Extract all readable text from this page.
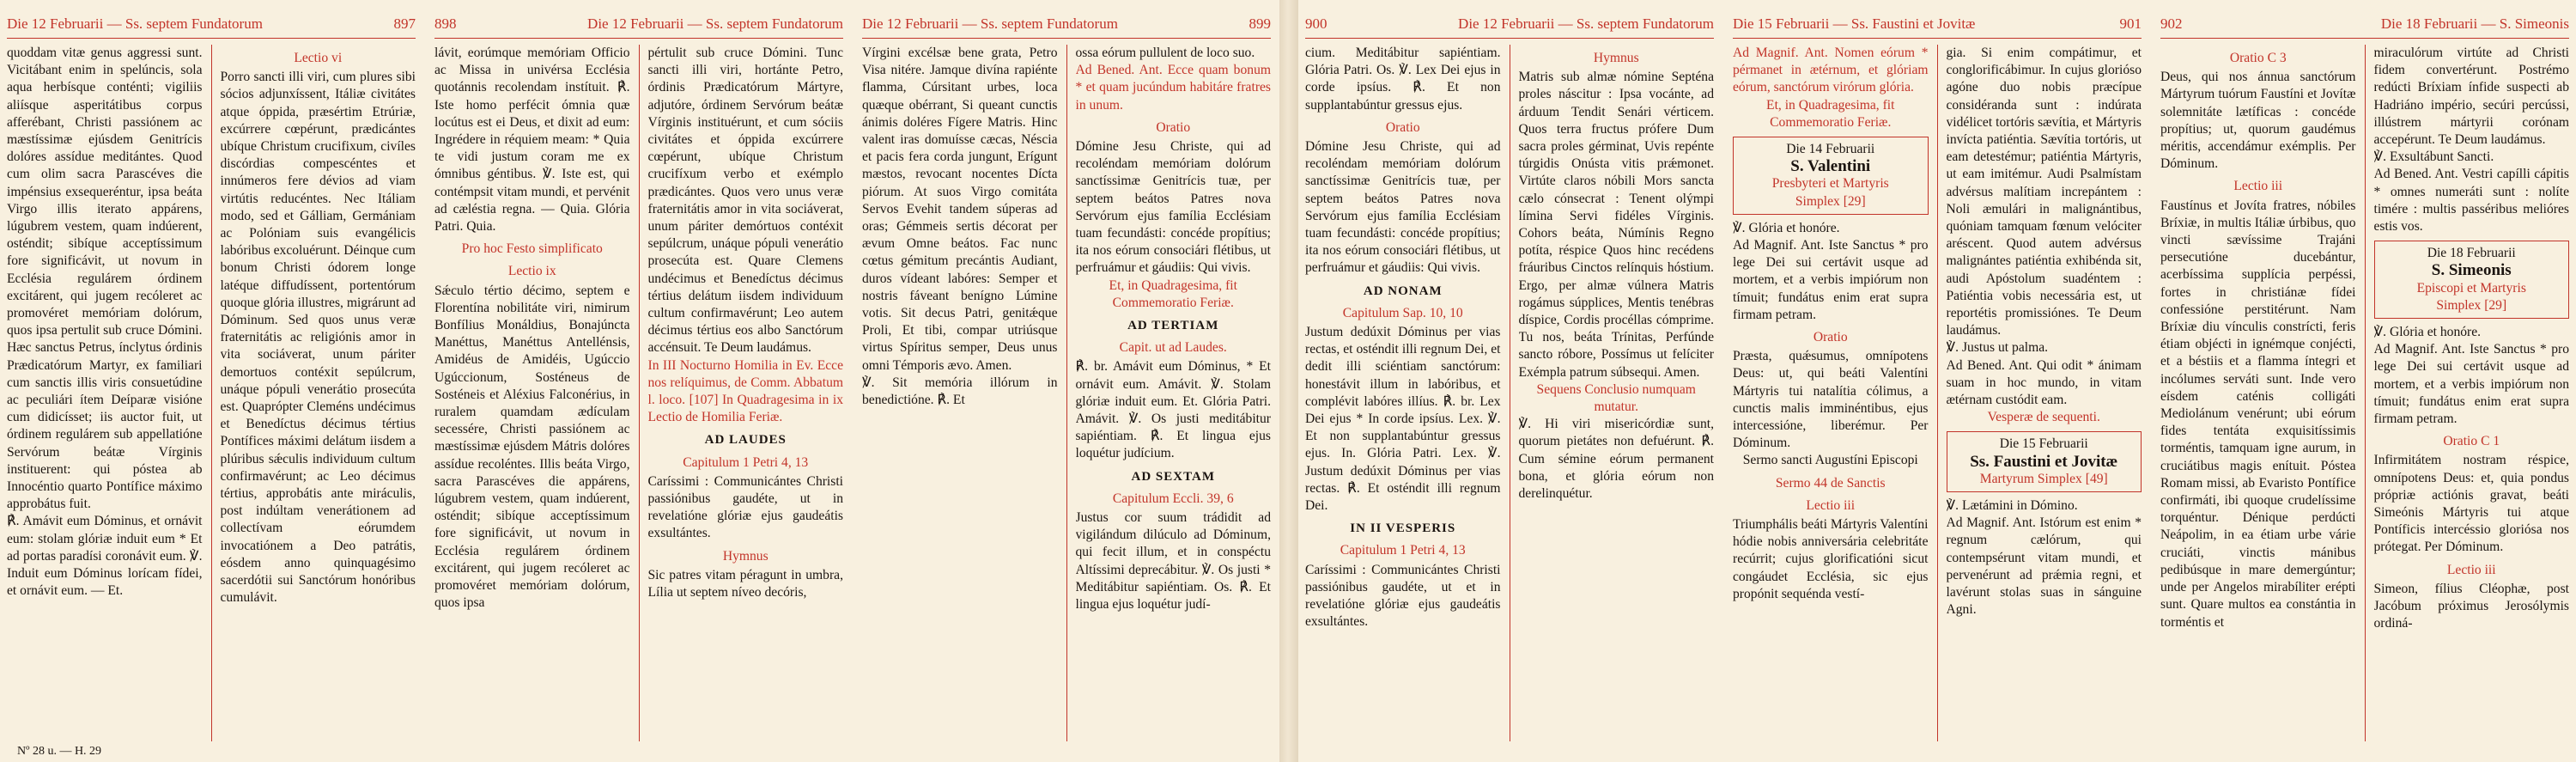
Die 12 Februarii — Ss. septem Fundatorum	897

quoddam vitæ genus aggressi sunt. Vicitábant enim in spelúncis, sola aqua herbísque conténti; vigiliis aliísque asperitátibus corpus afferébant, Christi passiónem ac mæstíssimæ ejúsdem Genitrícis dolóres assídue meditántes. Quod cum olim sacra Parascéves die impénsius exsequeréntur, ipsa beáta Virgo illis iterato appárens, lúgubrem vestem, quam indúerent, osténdit; sibíque acceptíssimum fore significávit, ut novum in Ecclésia regulárem órdinem excitárent, qui jugem recóleret ac promovéret memóriam dolórum, quos ipsa pertulit sub cruce Dómini. Hæc sanctus Petrus, ínclytus órdinis Prædicatórum Martyr, ex familiari cum sanctis illis viris consuetúdine ac peculiári ítem Deíparæ visióne cum didicísset; iis auctor fuit, ut órdinem regulárem sub appellatióne Servórum beátæ Vírginis instituerent: qui póstea ab Innocéntio quarto Pontífice máximo approbátus fuit.

℟. Amávit eum Dóminus, et ornávit eum: stolam glóriæ induit eum * Et ad portas paradísi coronávit eum. ℣. Induit eum Dóminus lorícam fídei, et ornávit eum. — Et.

Lectio vi

Porro sancti illi viri, cum plures sibi sócios adjunxíssent, Itáliæ civitátes atque óppida, præsértim Etrúriæ, excúrrere cœpérunt, prædicántes ubíque Christum crucifixum, civíles discórdias compescéntes et innúmeros fere dévios ad viam virtútis reducéntes. Nec Itáliam modo, sed et Gálliam, Germániam ac Polóniam suis evangélicis labóribus excoluérunt. Déinque cum bonum Christi ódorem longe latéque diffudíssent, portentórum quoque glória illustres, migrárunt ad Dóminum. Sed quos unus veræ fraternitátis ac religiónis amor in vita sociáverat, unum páriter demortuos contéxit sepúlcrum, unáque pópuli venerátio prosecúta est. Quaprópter Cleméns undécimus et Benedíctus décimus tértius Pontífices máximi delátum iisdem a plúribus sǽculis individuum cultum confirmavérunt; ac Leo décimus tértius, approbátis ante miráculis, post indúltam venerátionem ad collectívam eórumdem invocatiónem a Deo patrátis, eósdem anno quinquagésimo sacerdótii sui Sanctórum honóribus cumulávit.

Nº 28 u. — H. 29
898	Die 12 Februarii — Ss. septem Fundatorum

lávit, eorúmque memóriam Officio ac Missa in univérsa Ecclésia quotánnis recolendam instítuit. ℟. Iste homo perfécit ómnia quæ locútus est ei Deus, et dixit ad eum: Ingrédere in réquiem meam: * Quia te vidi justum coram me ex ómnibus géntibus. ℣. Iste est, qui contémpsit vitam mundi, et pervénit ad cæléstia regna. — Quia. Glória Patri. Quia.

Pro hoc Festo simplificato
Lectio ix

Sǽculo tértio décimo, septem e Florentína nobilitáte viri, nimirum Bonfílius Monáldius, Bonajúncta Manéttus, Manéttus Antellénsis, Amidéus de Amidéis, Ugúccio Ugúccionum, Sosténeus de Sosténeis et Aléxius Falconérius, in ruralem quamdam ædículam secessére, Christi passiónem ac mæstíssimæ ejúsdem Mátris dolóres assídue recoléntes. Illis beáta Virgo, sacra Parascéves die appárens, lúgubrem vestem, quam indúerent, osténdit; sibíque acceptíssimum fore significávit, ut novum in Ecclésia regulárem órdinem excitárent, qui jugem recóleret ac promovéret memóriam dolórum, quos ipsa

pértulit sub cruce Dómini. Tunc sancti illi viri, hortánte Petro, órdinis Prædicatórum Mártyre, adjutóre, órdinem Servórum beátæ Vírginis instituérunt, et cum sóciis civitátes et óppida excúrrere cœpérunt, ubíque Christum crucifíxum verbo et exémplo prædicántes. Quos vero unus veræ fraternitátis amor in vita sociáverat, unum páriter demórtuos contéxit sepúlcrum, unáque pópuli venerátio prosecúta est. Quare Clemens undécimus et Benedíctus décimus tértius delátum iisdem individuum cultum confirmavérunt; Leo autem décimus tértius eos albo Sanctórum accénsuit. Te Deum laudámus.

In III Nocturno Homilia in Ev. Ecce nos relíquimus, de Comm. Abbatum l. loco. [107] In Quadragesima in ix Lectio de Homilia Feriæ.

AD LAUDES
Capitulum 1 Petri 4, 13

Caríssimi : Communicántes Christi passiónibus gaudéte, ut in revelatióne glóriæ ejus gaudeátis exsultántes.

Hymnus

Sic patres vitam péragunt in umbra, Lília ut septem níveo decóris,

Die 12 Februarii — Ss. septem Fundatorum	899

Vírgini excélsæ bene grata, Petro Visa nitére. Jamque divína rapiénte flamma, Cúrsitant urbes, loca quæque obérrant, Si queant cunctis ánimis doléres Fígere Matris. Hinc valent iras domuísse cæcas, Néscia et pacis fera corda jungunt, Erígunt mæstos, revocant nocentes Dícta piórum. At suos Virgo comitáta Servos Evehit tandem súperas ad oras; Gémmeis sertis décorat per ævum Omne beátos. Fac nunc cœtus gémitum precántis Audiant, duros vídeant labóres: Semper et nostris fáveant benígno Lúmine votis. Sit decus Patri, genitǽque Proli, Et tibi, compar utriúsque virtus Spíritus semper, Deus unus omni Témporis ævo. Amen.

℣. Sit memória illórum in benedictióne. ℟. Et

ossa eórum pullulent de loco suo.

Ad Bened. Ant. Ecce quam bonum * et quam jucúndum habitáre fratres in unum.

Oratio

Dómine Jesu Christe, qui ad recoléndam memóriam dolórum sanctíssimæ Genitrícis tuæ, per septem beátos Patres nova Servórum ejus família Ecclésiam tuam fecundásti: concéde propítius; ita nos eórum consociári flétibus, ut perfruámur et gáudiis: Qui vivis.

Et, in Quadragesima, fit Commemoratio Feriæ.

AD TERTIAM
Capit. ut ad Laudes.

℟. br. Amávit eum Dóminus, * Et ornávit eum. Amávit. ℣. Stolam glóriæ induit eum. Et. Glória Patri. Amávit. ℣. Os justi meditábitur sapiéntiam. ℟. Et lingua ejus loquétur judícium.

AD SEXTAM
Capitulum Eccli. 39, 6

Justus cor suum trádidit ad vigilándum dilúculo ad Dóminum, qui fecit illum, et in conspéctu Altíssimi deprecábitur. ℣. Os justi * Meditábitur sapiéntiam. Os. ℟. Et lingua ejus loquétur judí-

900	Die 12 Februarii — Ss. septem Fundatorum

cium. Meditábitur sapiéntiam. Glória Patri. Os. ℣. Lex Dei ejus in corde ipsíus. ℟. Et non supplantabúntur gressus ejus.

Oratio

Dómine Jesu Christe, qui ad recoléndam memóriam dolórum sanctíssimæ Genitrícis tuæ, per septem beátos Patres nova Servórum ejus família Ecclésiam tuam fecundásti: concéde propítius; ita nos eórum consociári flétibus, ut perfruámur et gáudiis: Qui vivis.

AD NONAM
Capitulum Sap. 10, 10

Justum dedúxit Dóminus per vias rectas, et osténdit illi regnum Dei, et dedit illi sciéntiam sanctórum: honestávit illum in labóribus, et complévit labóres illíus. ℟. br. Lex Dei ejus * In corde ipsíus. Lex. ℣. Et non supplantabúntur gressus ejus. In. Glória Patri. Lex. ℣. Justum dedúxit Dóminus per vias rectas. ℟. Et osténdit illi regnum Dei.

IN II VESPERIS
Capitulum 1 Petri 4, 13

Caríssimi : Communicántes Christi passiónibus gaudéte, ut et in revelatióne glóriæ ejus gaudeátis exsultántes.

Hymnus

Matris sub almæ nómine Septéna proles náscitur : Ipsa vocánte, ad árduum Tendit Senári vérticem. Quos terra fructus prófere Dum sacra proles gérminat, Uvis repénte túrgidis Onústa vitis prǽmonet. Virtúte claros nóbili Mors sancta cælo cónsecrat : Tenent olýmpi límina Servi fidéles Vírginis. Cohors beáta, Númínis Regno potíta, réspice Quos hinc recédens fráuribus Cinctos relínquis hóstium. Ergo, per almæ vúlnera Matris rogámus súpplices, Mentis tenébras díspice, Cordis procéllas cómprime. Tu nos, beáta Trínitas, Perfúnde sancto róbore, Possímus ut felíciter Exémpla patrum súbsequi. Amen.

Sequens Conclusio numquam mutatur.

℣. Hi viri misericórdiæ sunt, quorum pietátes non defuérunt. ℟. Cum sémine eórum permanent bona, et glória eórum non derelinquétur.

Die 15 Februarii — Ss. Faustini et Jovitæ	901

Ad Magnif. Ant. Nomen eórum * pérmanet in ætérnum, et glóriam eórum, sanctórum virórum glória.

Et, in Quadragesima, fit Commemoratio Feriæ.

Die 14 Februarii
S. Valentini
Presbyteri et Martyris
Simplex [29]

℣. Glória et honóre.

Ad Magnif. Ant. Iste Sanctus * pro lege Dei sui certávit usque ad mortem, et a verbis impiórum non tímuit; fundátus enim erat supra firmam petram.

Oratio

Præsta, quǽsumus, omnípotens Deus: ut, qui beáti Valentíni Mártyris tui natalítia cólimus, a cunctis malis imminéntibus, ejus intercessióne, liberémur. Per Dóminum.

Sermo sancti Augustíni Episcopi
Sermo 44 de Sanctis
Lectio iii

Triumphális beáti Mártyris Valentíni hódie nobis anniversária celebritáte recúrrit; cujus glorificatióni sicut congáudet Ecclésia, sic ejus propónit sequénda vestí-

gia. Si enim compátimur, et conglorificábimur. In cujus glorióso agóne duo nobis præcípue considéranda sunt : indúrata vidélicet tortóris sævítia, et Mártyris invícta patiéntia. Sævítia tortóris, ut eam detestémur; patiéntia Mártyris, ut eam imitémur. Audi Psalmístam advérsus malítiam increpántem : Noli æmulári in malignántibus, quóniam tamquam fœnum velóciter aréscent. Quod autem advérsus malignántes patiéntia exhibénda sit, audi Apóstolum suadéntem : Patiéntia vobis necessária est, ut reportétis promissiónes. Te Deum laudámus.

℣. Justus ut palma.

Ad Bened. Ant. Qui odit * ánimam suam in hoc mundo, in vitam ætérnam custódit eam.

Vesperæ de sequenti.

Die 15 Februarii
Ss. Faustini et Jovitæ
Martyrum Simplex [49]

℣. Lætámini in Dómino.

Ad Magnif. Ant. Istórum est enim * regnum cælórum, qui contempsérunt vitam mundi, et pervenérunt ad prǽmia regni, et lavérunt stolas suas in sánguine Agni.

902	Die 18 Februarii — S. Simeonis
Oratio C 3

Deus, qui nos ánnua sanctórum Mártyrum tuórum Faustíni et Jovítæ solemnitáte lætíficas : concéde propítius; ut, quorum gaudémus méritis, accendámur exémplis. Per Dóminum.

Lectio iii

Faustínus et Jovíta fratres, nóbiles Bríxiæ, in multis Itáliæ úrbibus, quo vincti sævíssime Trajáni persecutióne ducebántur, acerbíssima supplícia perpéssi, fortes in christiánæ fídei confessióne perstitérunt. Nam Bríxiæ diu vínculis constrícti, feris étiam objécti in ignémque conjécti, et a béstiis et a flamma íntegri et incólumes serváti sunt. Inde vero eísdem caténis colligáti Mediolánum venérunt; ubi eórum fides tentáta exquisitíssimis torméntis, tamquam igne aurum, in cruciátibus magis enítuit. Póstea Romam missi, ab Evaristo Pontífice confirmáti, ibi quoque crudelíssime torquéntur. Dénique perdúcti Neápolim, in ea étiam urbe várie cruciáti, vinctis mánibus pedibúsque in mare demergúntur; unde per Angelos mirabíliter erépti sunt. Quare multos ea constántia in torméntis et

miraculórum virtúte ad Christi fidem convertérunt. Postrémo redúcti Bríxiam ínfide suspecti ab Hadriáno império, secúri percússi, illústrem mártyrii corónam accepérunt. Te Deum laudámus.

℣. Exsultábunt Sancti.

Ad Bened. Ant. Vestri capílli cápitis * omnes numeráti sunt : nolíte timére : multis passéribus melióres estis vos.

Die 18 Februarii
S. Simeonis
Episcopi et Martyris
Simplex [29]

℣. Glória et honóre.

Ad Magnif. Ant. Iste Sanctus * pro lege Dei sui certávit usque ad mortem, et a verbis impiórum non tímuit; fundátus enim erat supra firmam petram.

Oratio C 1

Infirmitátem nostram réspice, omnípotens Deus: et, quia pondus própriæ actiónis gravat, beáti Simeónis Mártyris tui atque Pontíficis intercéssio gloriósa nos prótegat. Per Dóminum.

Lectio iii

Simeon, fílius Cléophæ, post Jacóbum próximus Jerosólymis ordiná-
